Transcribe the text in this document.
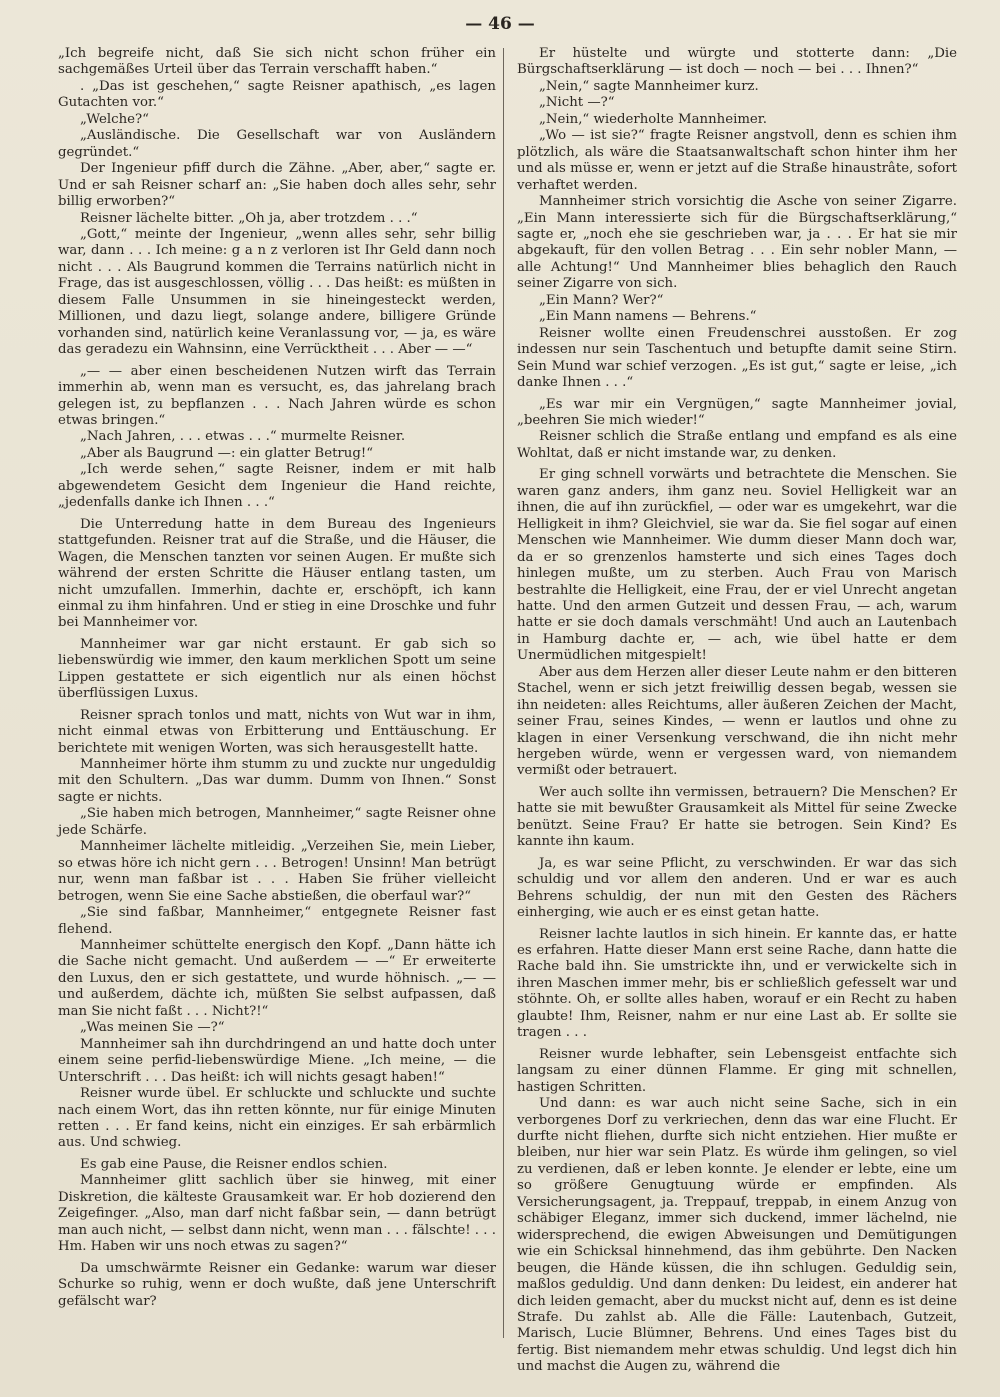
— 46 —

„Ich begreife nicht, daß Sie sich nicht schon früher ein sachgemäßes Urteil über das Terrain verschafft haben.“

. „Das ist geschehen,“ sagte Reisner apathisch, „es lagen Gutachten vor.“

„Welche?“

„Ausländische. Die Gesellschaft war von Ausländern gegründet.“

Der Ingenieur pfiff durch die Zähne. „Aber, aber,“ sagte er. Und er sah Reisner scharf an: „Sie haben doch alles sehr, sehr billig erworben?“

Reisner lächelte bitter. „Oh ja, aber trotzdem . . .“

„Gott,“ meinte der Ingenieur, „wenn alles sehr, sehr billig war, dann . . . Ich meine: g a n z verloren ist Ihr Geld dann noch nicht . . . Als Baugrund kommen die Terrains natürlich nicht in Frage, das ist ausgeschlossen, völlig . . . Das heißt: es müßten in diesem Falle Unsummen in sie hineingesteckt werden, Millionen, und dazu liegt, solange andere, billigere Gründe vorhanden sind, natürlich keine Veranlassung vor, — ja, es wäre das geradezu ein Wahnsinn, eine Verrücktheit . . . Aber — —“

„— — aber einen bescheidenen Nutzen wirft das Terrain immerhin ab, wenn man es versucht, es, das jahrelang brach gelegen ist, zu bepflanzen . . . Nach Jahren würde es schon etwas bringen.“

„Nach Jahren, . . . etwas . . .“ murmelte Reisner.

„Aber als Baugrund —: ein glatter Betrug!“

„Ich werde sehen,“ sagte Reisner, indem er mit halb abgewendetem Gesicht dem Ingenieur die Hand reichte, „jedenfalls danke ich Ihnen . . .“

Die Unterredung hatte in dem Bureau des Ingenieurs stattgefunden. Reisner trat auf die Straße, und die Häuser, die Wagen, die Menschen tanzten vor seinen Augen. Er mußte sich während der ersten Schritte die Häuser entlang tasten, um nicht umzufallen. Immerhin, dachte er, erschöpft, ich kann einmal zu ihm hinfahren. Und er stieg in eine Droschke und fuhr bei Mannheimer vor.

Mannheimer war gar nicht erstaunt. Er gab sich so liebenswürdig wie immer, den kaum merklichen Spott um seine Lippen gestattete er sich eigentlich nur als einen höchst überflüssigen Luxus.

Reisner sprach tonlos und matt, nichts von Wut war in ihm, nicht einmal etwas von Erbitterung und Enttäuschung. Er berichtete mit wenigen Worten, was sich herausgestellt hatte.

Mannheimer hörte ihm stumm zu und zuckte nur ungeduldig mit den Schultern. „Das war dumm. Dumm von Ihnen.“ Sonst sagte er nichts.

„Sie haben mich betrogen, Mannheimer,“ sagte Reisner ohne jede Schärfe.

Mannheimer lächelte mitleidig. „Verzeihen Sie, mein Lieber, so etwas höre ich nicht gern . . . Betrogen! Unsinn! Man betrügt nur, wenn man faßbar ist . . . Haben Sie früher vielleicht betrogen, wenn Sie eine Sache abstießen, die oberfaul war?“

„Sie sind faßbar, Mannheimer,“ entgegnete Reisner fast flehend.

Mannheimer schüttelte energisch den Kopf. „Dann hätte ich die Sache nicht gemacht. Und außerdem — —“ Er erweiterte den Luxus, den er sich gestattete, und wurde höhnisch. „— — und außerdem, dächte ich, müßten Sie selbst aufpassen, daß man Sie nicht faßt . . . Nicht?!“

„Was meinen Sie —?“

Mannheimer sah ihn durchdringend an und hatte doch unter einem seine perfid-liebenswürdige Miene. „Ich meine, — die Unterschrift . . . Das heißt: ich will nichts gesagt haben!“

Reisner wurde übel. Er schluckte und schluckte und suchte nach einem Wort, das ihn retten könnte, nur für einige Minuten retten . . . Er fand keins, nicht ein einziges. Er sah erbärmlich aus. Und schwieg.

Es gab eine Pause, die Reisner endlos schien.

Mannheimer glitt sachlich über sie hinweg, mit einer Diskretion, die kälteste Grausamkeit war. Er hob dozierend den Zeigefinger. „Also, man darf nicht faßbar sein, — dann betrügt man auch nicht, — selbst dann nicht, wenn man . . . fälschte! . . . Hm. Haben wir uns noch etwas zu sagen?“

Da umschwärmte Reisner ein Gedanke: warum war dieser Schurke so ruhig, wenn er doch wußte, daß jene Unterschrift gefälscht war?

Er hüstelte und würgte und stotterte dann: „Die Bürgschaftserklärung — ist doch — noch — bei . . . Ihnen?“

„Nein,“ sagte Mannheimer kurz.

„Nicht —?“

„Nein,“ wiederholte Mannheimer.

„Wo — ist sie?“ fragte Reisner angstvoll, denn es schien ihm plötzlich, als wäre die Staatsanwaltschaft schon hinter ihm her und als müsse er, wenn er jetzt auf die Straße hinaustrâte, sofort verhaftet werden.

Mannheimer strich vorsichtig die Asche von seiner Zigarre. „Ein Mann interessierte sich für die Bürgschaftserklärung,“ sagte er, „noch ehe sie geschrieben war, ja . . . Er hat sie mir abgekauft, für den vollen Betrag . . . Ein sehr nobler Mann, — alle Achtung!“ Und Mannheimer blies behaglich den Rauch seiner Zigarre von sich.

„Ein Mann? Wer?“

„Ein Mann namens — Behrens.“

Reisner wollte einen Freudenschrei ausstoßen. Er zog indessen nur sein Taschentuch und betupfte damit seine Stirn. Sein Mund war schief verzogen. „Es ist gut,“ sagte er leise, „ich danke Ihnen . . .“

„Es war mir ein Vergnügen,“ sagte Mannheimer jovial, „beehren Sie mich wieder!“

Reisner schlich die Straße entlang und empfand es als eine Wohltat, daß er nicht imstande war, zu denken.

Er ging schnell vorwärts und betrachtete die Menschen. Sie waren ganz anders, ihm ganz neu. Soviel Helligkeit war an ihnen, die auf ihn zurückfiel, — oder war es umgekehrt, war die Helligkeit in ihm? Gleichviel, sie war da. Sie fiel sogar auf einen Menschen wie Mannheimer. Wie dumm dieser Mann doch war, da er so grenzenlos hamsterte und sich eines Tages doch hinlegen mußte, um zu sterben. Auch Frau von Marisch bestrahlte die Helligkeit, eine Frau, der er viel Unrecht angetan hatte. Und den armen Gutzeit und dessen Frau, — ach, warum hatte er sie doch damals verschmäht! Und auch an Lautenbach in Hamburg dachte er, — ach, wie übel hatte er dem Unermüdlichen mitgespielt!

Aber aus dem Herzen aller dieser Leute nahm er den bitteren Stachel, wenn er sich jetzt freiwillig dessen begab, wessen sie ihn neideten: alles Reichtums, aller äußeren Zeichen der Macht, seiner Frau, seines Kindes, — wenn er lautlos und ohne zu klagen in einer Versenkung verschwand, die ihn nicht mehr hergeben würde, wenn er vergessen ward, von niemandem vermißt oder betrauert.

Wer auch sollte ihn vermissen, betrauern? Die Menschen? Er hatte sie mit bewußter Grausamkeit als Mittel für seine Zwecke benützt. Seine Frau? Er hatte sie betrogen. Sein Kind? Es kannte ihn kaum.

Ja, es war seine Pflicht, zu verschwinden. Er war das sich schuldig und vor allem den anderen. Und er war es auch Behrens schuldig, der nun mit den Gesten des Rächers einherging, wie auch er es einst getan hatte.

Reisner lachte lautlos in sich hinein. Er kannte das, er hatte es erfahren. Hatte dieser Mann erst seine Rache, dann hatte die Rache bald ihn. Sie umstrickte ihn, und er verwickelte sich in ihren Maschen immer mehr, bis er schließlich gefesselt war und stöhnte. Oh, er sollte alles haben, worauf er ein Recht zu haben glaubte! Ihm, Reisner, nahm er nur eine Last ab. Er sollte sie tragen . . .

Reisner wurde lebhafter, sein Lebensgeist entfachte sich langsam zu einer dünnen Flamme. Er ging mit schnellen, hastigen Schritten.

Und dann: es war auch nicht seine Sache, sich in ein verborgenes Dorf zu verkriechen, denn das war eine Flucht. Er durfte nicht fliehen, durfte sich nicht entziehen. Hier mußte er bleiben, nur hier war sein Platz. Es würde ihm gelingen, so viel zu verdienen, daß er leben konnte. Je elender er lebte, eine um so größere Genugtuung würde er empfinden. Als Versicherungsagent, ja. Treppauf, treppab, in einem Anzug von schäbiger Eleganz, immer sich duckend, immer lächelnd, nie widersprechend, die ewigen Abweisungen und Demütigungen wie ein Schicksal hinnehmend, das ihm gebührte. Den Nacken beugen, die Hände küssen, die ihn schlugen. Geduldig sein, maßlos geduldig. Und dann denken: Du leidest, ein anderer hat dich leiden gemacht, aber du muckst nicht auf, denn es ist deine Strafe. Du zahlst ab. Alle die Fälle: Lautenbach, Gutzeit, Marisch, Lucie Blümner, Behrens. Und eines Tages bist du fertig. Bist niemandem mehr etwas schuldig. Und legst dich hin und machst die Augen zu, während die
